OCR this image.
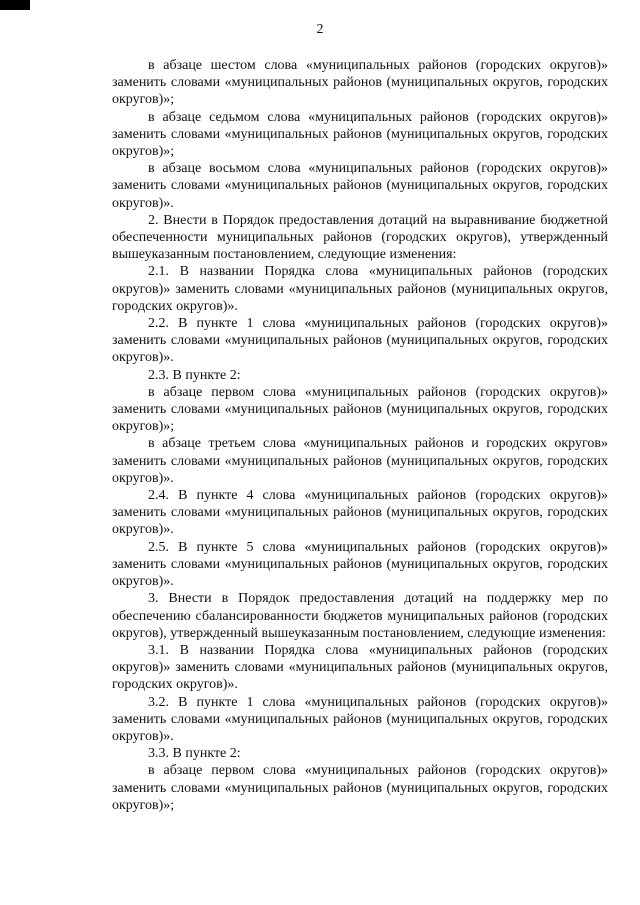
2

в абзаце шестом слова «муниципальных районов (городских округов)» заменить словами «муниципальных районов (муниципальных округов, городских округов)»;

в абзаце седьмом слова «муниципальных районов (городских округов)» заменить словами «муниципальных районов (муниципальных округов, городских округов)»;

в абзаце восьмом слова «муниципальных районов (городских округов)» заменить словами «муниципальных районов (муниципальных округов, городских округов)».

2. Внести в Порядок предоставления дотаций на выравнивание бюджетной обеспеченности муниципальных районов (городских округов), утвержденный вышеуказанным постановлением, следующие изменения:

2.1. В названии Порядка слова «муниципальных районов (городских округов)» заменить словами «муниципальных районов (муниципальных округов, городских округов)».

2.2. В пункте 1 слова «муниципальных районов (городских округов)» заменить словами «муниципальных районов (муниципальных округов, городских округов)».

2.3. В пункте 2:

в абзаце первом слова «муниципальных районов (городских округов)» заменить словами «муниципальных районов (муниципальных округов, городских округов)»;

в абзаце третьем слова «муниципальных районов и городских округов» заменить словами «муниципальных районов (муниципальных округов, городских округов)».

2.4. В пункте 4 слова «муниципальных районов (городских округов)» заменить словами «муниципальных районов (муниципальных округов, городских округов)».

2.5. В пункте 5 слова «муниципальных районов (городских округов)» заменить словами «муниципальных районов (муниципальных округов, городских округов)».

3. Внести в Порядок предоставления дотаций на поддержку мер по обеспечению сбалансированности бюджетов муниципальных районов (городских округов), утвержденный вышеуказанным постановлением, следующие изменения:

3.1. В названии Порядка слова «муниципальных районов (городских округов)» заменить словами «муниципальных районов (муниципальных округов, городских округов)».

3.2. В пункте 1 слова «муниципальных районов (городских округов)» заменить словами «муниципальных районов (муниципальных округов, городских округов)».

3.3. В пункте 2:

в абзаце первом слова «муниципальных районов (городских округов)» заменить словами «муниципальных районов (муниципальных округов, городских округов)»;
